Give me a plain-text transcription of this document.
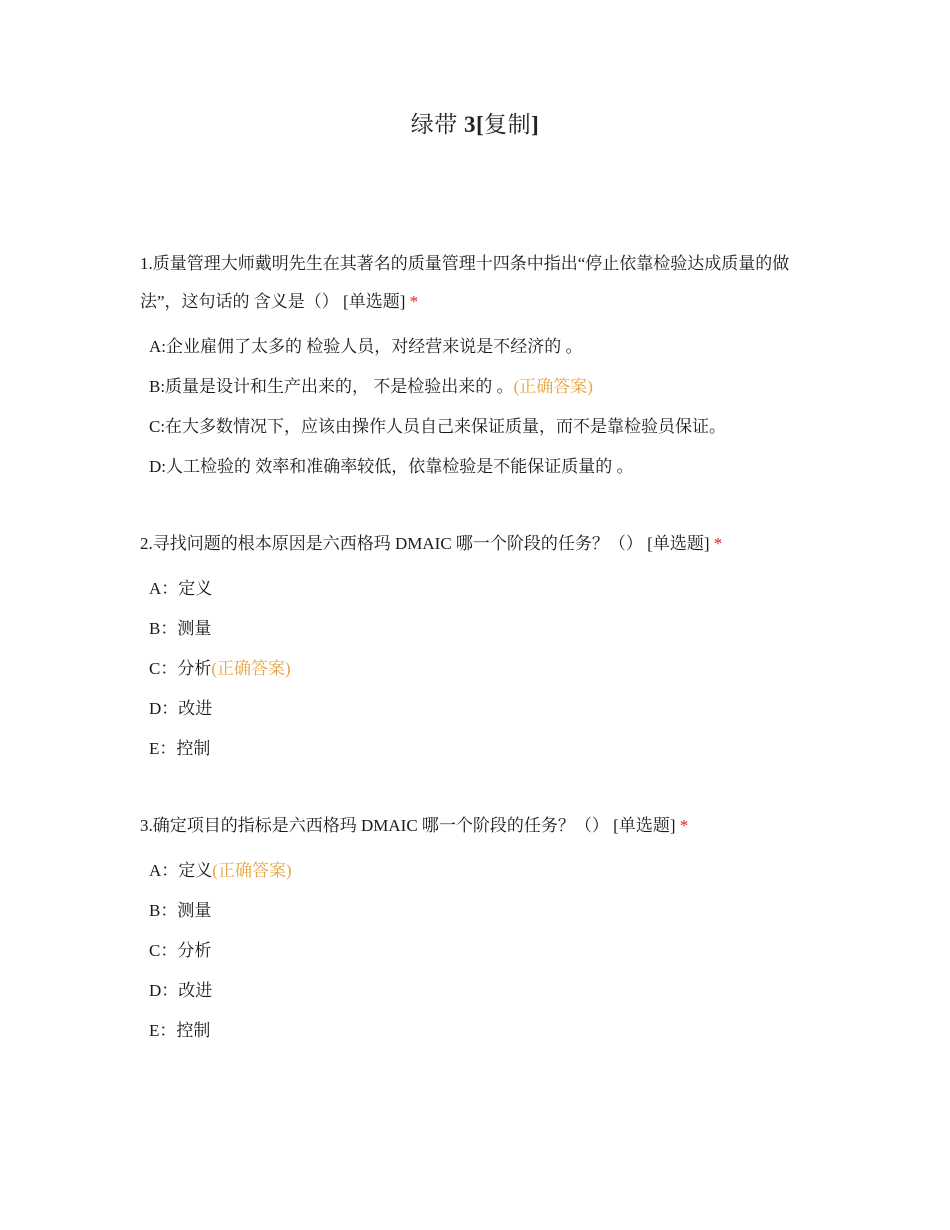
绿带 3[复制]

1.质量管理大师戴明先生在其著名的质量管理十四条中指出“停止依靠检验达成质量的做法”，这句话的 含义是（） [单选题] *

A:企业雇佣了太多的 检验人员，对经营来说是不经济的 。
B:质量是设计和生产出来的， 不是检验出来的 。(正确答案)
C:在大多数情况下，应该由操作人员自己来保证质量，而不是靠检验员保证。
D:人工检验的 效率和准确率较低，依靠检验是不能保证质量的 。

2.寻找问题的根本原因是六西格玛 DMAIC 哪一个阶段的任务？（） [单选题] *

A：定义
B：测量
C：分析(正确答案)
D：改进
E：控制

3.确定项目的指标是六西格玛 DMAIC 哪一个阶段的任务？（） [单选题] *

A：定义(正确答案)
B：测量
C：分析
D：改进
E：控制
